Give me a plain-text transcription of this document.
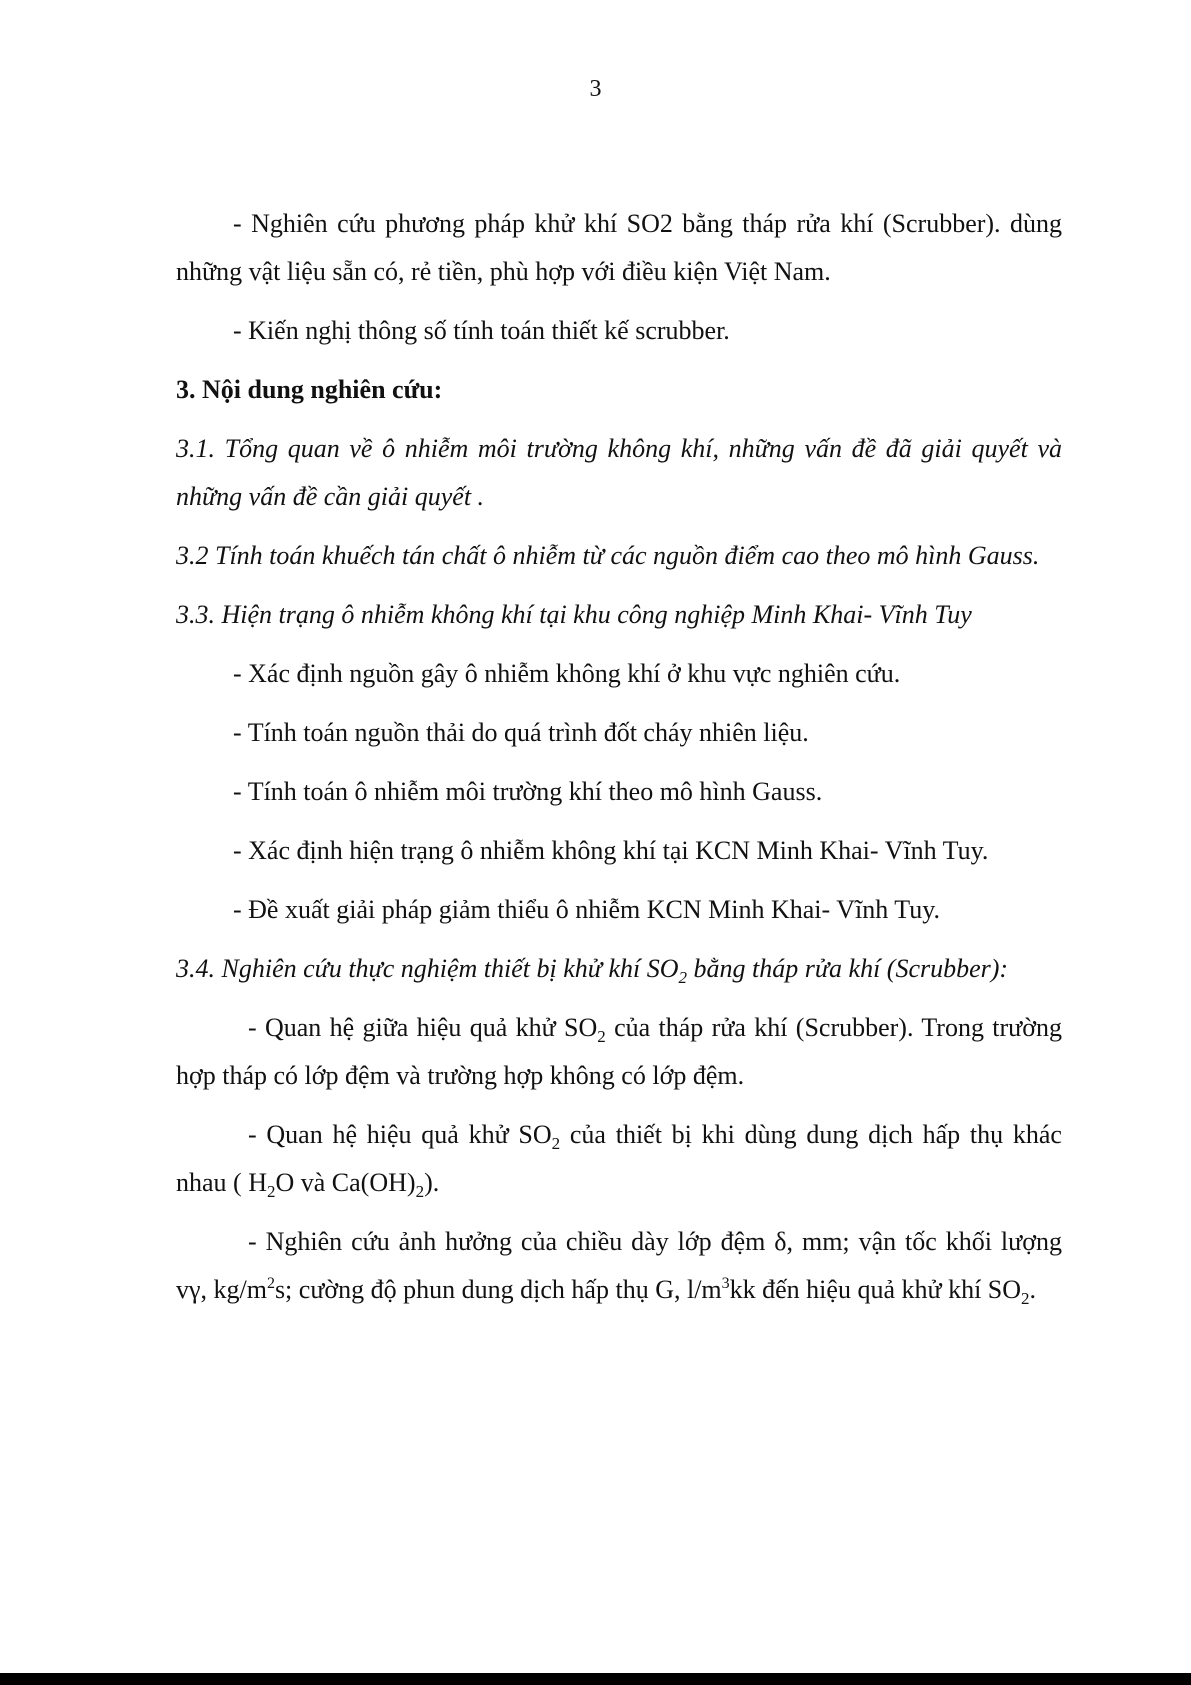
3

- Nghiên cứu phương pháp khử khí SO2 bằng tháp rửa khí (Scrubber). dùng những vật liệu sẵn có, rẻ tiền, phù hợp với điều kiện Việt Nam.

- Kiến nghị thông số tính toán thiết kế scrubber.

3. Nội dung nghiên cứu:

3.1. Tổng quan về ô nhiễm môi trường không khí, những vấn đề đã giải quyết và những vấn đề cần giải quyết .

3.2 Tính toán khuếch tán chất ô nhiễm từ các nguồn điểm cao theo mô hình Gauss.

3.3. Hiện trạng ô nhiễm không khí tại khu công nghiệp Minh Khai- Vĩnh Tuy

- Xác định nguồn gây ô nhiễm không khí ở khu vực nghiên cứu.

- Tính toán nguồn thải do quá trình đốt cháy nhiên liệu.

- Tính toán ô nhiễm môi trường khí theo mô hình Gauss.

- Xác định hiện trạng ô nhiễm không khí tại KCN Minh Khai- Vĩnh Tuy.

- Đề xuất giải pháp giảm thiểu ô nhiễm KCN Minh Khai- Vĩnh Tuy.

3.4. Nghiên cứu thực nghiệm thiết bị khử khí $SO_2$ bằng tháp rửa khí (Scrubber):

- Quan hệ giữa hiệu quả khử $SO_2$ của tháp rửa khí (Scrubber). Trong trường hợp tháp có lớp đệm và trường hợp không có lớp đệm.

- Quan hệ hiệu quả khử $SO_2$ của thiết bị khi dùng dung dịch hấp thụ khác nhau ( $H_2O$ và $Ca(OH)_2$).

- Nghiên cứu ảnh hưởng của chiều dày lớp đệm δ, mm; vận tốc khối lượng vγ, $kg/m^2s$; cường độ phun dung dịch hấp thụ G, $l/m^3kk$ đến hiệu quả khử khí $SO_2$.
